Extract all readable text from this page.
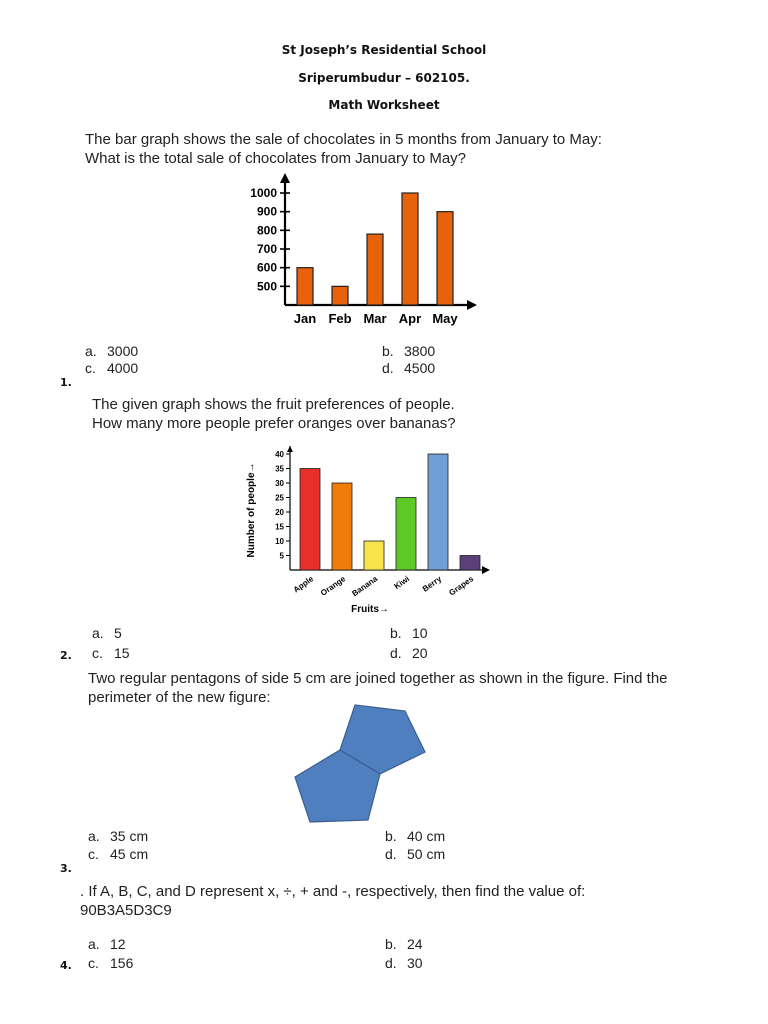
St Joseph’s Residential School
Sriperumbudur – 602105.
Math Worksheet
The bar graph shows the sale of chocolates in 5 months from January to May:
What is the total sale of chocolates from January to May?
500
600
700
800
900
1000
Jan Feb Mar Apr May
a. 3000	b. 3800
c. 4000	d. 4500
1.
The given graph shows the fruit preferences of people.
How many more people prefer oranges over bananas?
5
10
15
20
25
30
35
40
Number of people→
Apple Orange Banana Kiwi Berry Grapes
Fruits→
a. 5	b. 10
c. 15	d. 20
2.
Two regular pentagons of side 5 cm are joined together as shown in the figure. Find the
perimeter of the new figure:
a. 35 cm	b. 40 cm
c. 45 cm	d. 50 cm
3.
. If A, B, C, and D represent x, ÷, + and -, respectively, then find the value of:
90B3A5D3C9
a. 12	b. 24
c. 156	d. 30
4.
